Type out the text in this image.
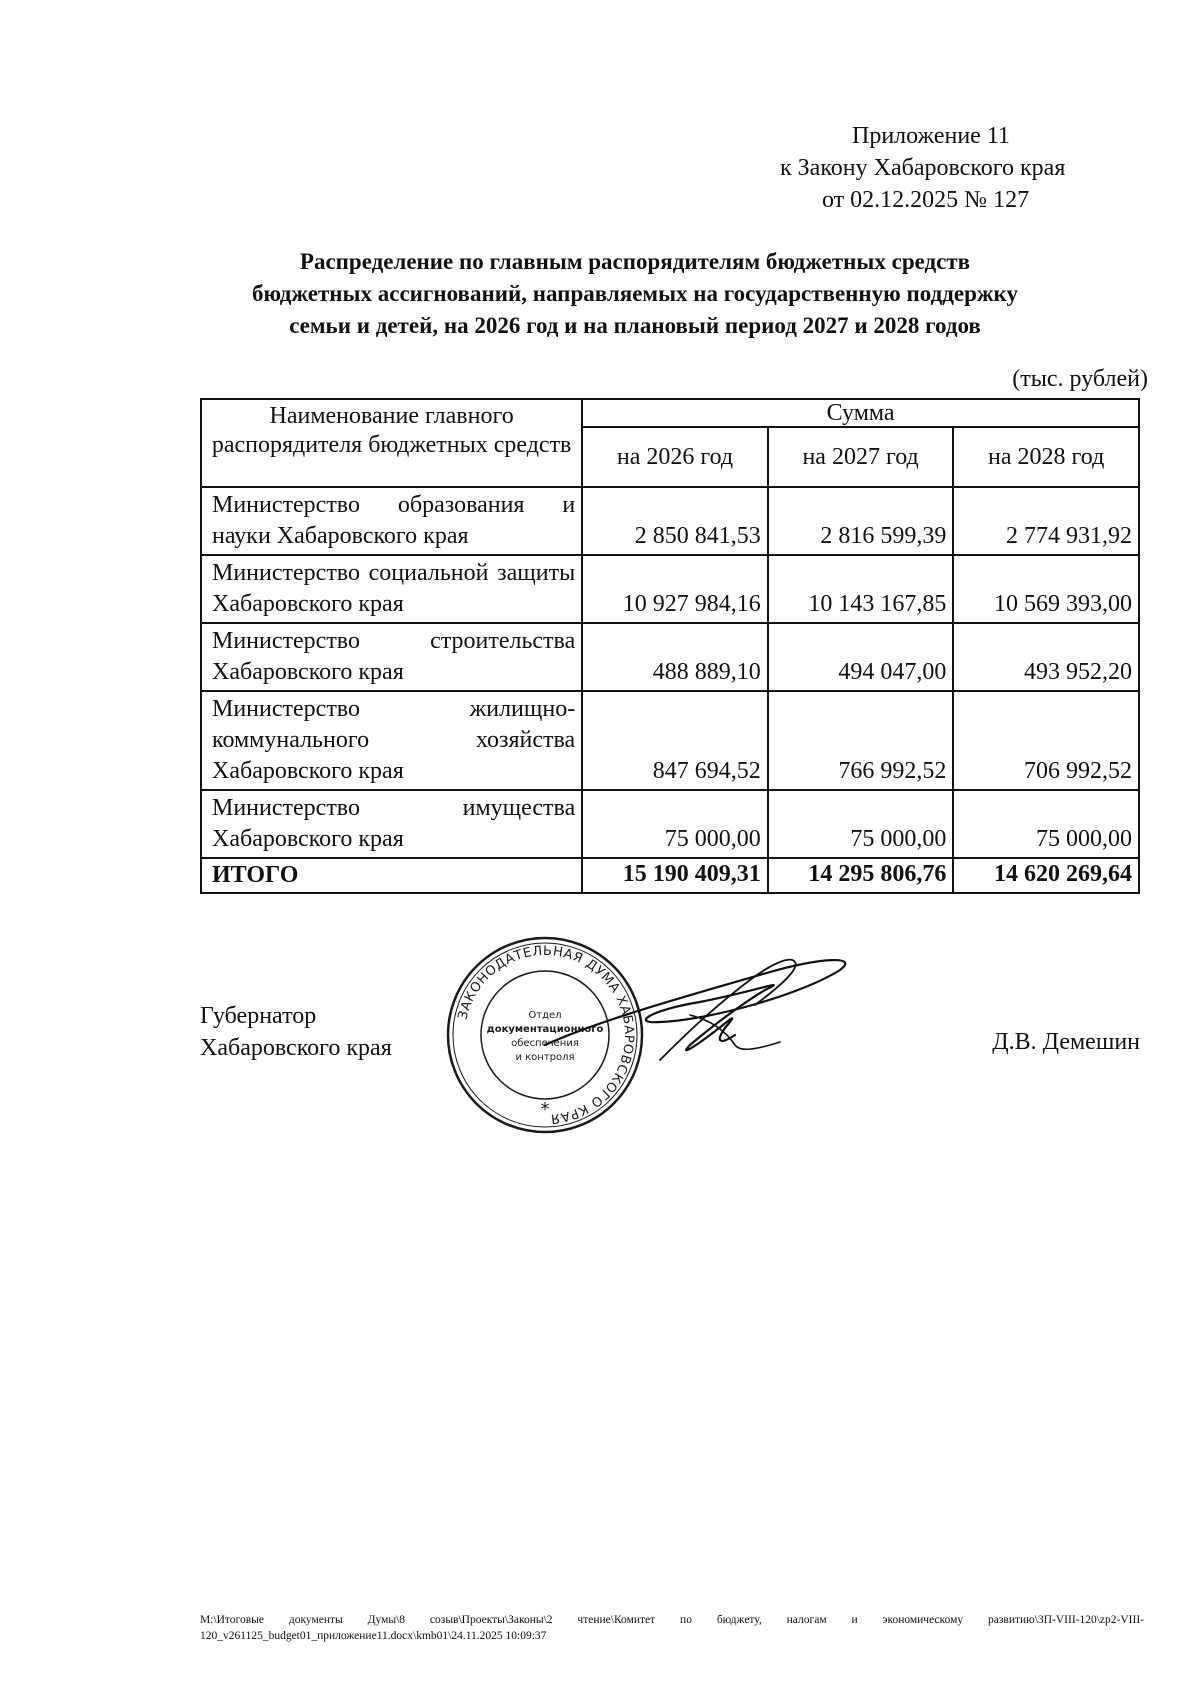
Приложение 11
к Закону Хабаровского края
от 02.12.2025 № 127
Распределение по главным распорядителям бюджетных средств
бюджетных ассигнований, направляемых на государственную поддержку
семьи и детей, на 2026 год и на плановый период 2027 и 2028 годов
(тыс. рублей)
Наименование главного распорядителя бюджетных средств	Сумма		
	на 2026 год	на 2027 год	на 2028 год
Министерство образования и науки Хабаровского края	2 850 841,53	2 816 599,39	2 774 931,92
Министерство социальной защиты Хабаровского края	10 927 984,16	10 143 167,85	10 569 393,00
Министерство строительства Хабаровского края	488 889,10	494 047,00	493 952,20
Министерство жилищно-коммунального хозяйства Хабаровского края	847 694,52	766 992,52	706 992,52
Министерство имущества Хабаровского края	75 000,00	75 000,00	75 000,00
ИТОГО	15 190 409,31	14 295 806,76	14 620 269,64
Губернатор
Хабаровского края
ЗАКОНОДАТЕЛЬНАЯ ДУМА ХАБАРОВСКОГО КРАЯ
Отдел
документационного
обеспечения
и контроля
*
Д.В. Демешин
M:\Итоговые документы Думы\8 созыв\Проекты\Законы\2 чтение\Комитет по бюджету, налогам и экономическому развитию\ЗП-VIII-120\zp2-VIII-120_v261125_budget01_приложение11.docx\kmb01\24.11.2025 10:09:37
